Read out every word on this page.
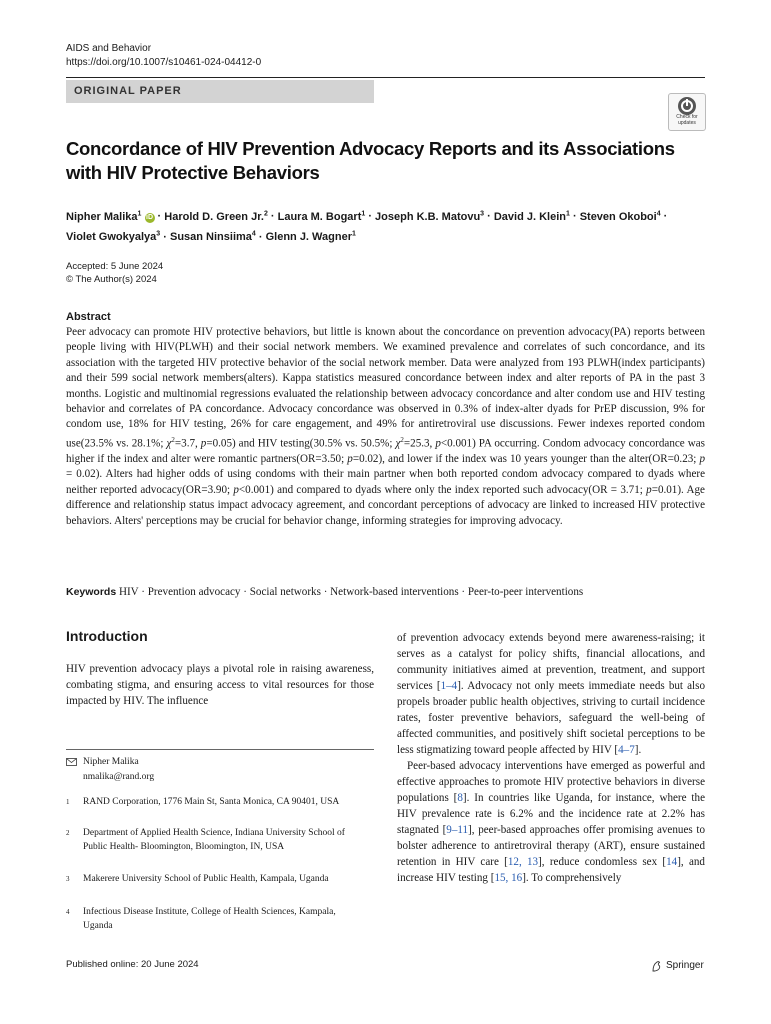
AIDS and Behavior
https://doi.org/10.1007/s10461-024-04412-0
ORIGINAL PAPER
Check for
updates
Concordance of HIV Prevention Advocacy Reports and its Associations with HIV Protective Behaviors
Nipher Malika$^1$ iD · Harold D. Green Jr.$^2$ · Laura M. Bogart$^1$ · Joseph K.B. Matovu$^3$ · David J. Klein$^1$ · Steven Okoboi$^4$ ·
Violet Gwokyalya$^3$ · Susan Ninsiima$^4$ · Glenn J. Wagner$^1$
Accepted: 5 June 2024
© The Author(s) 2024
Abstract
Peer advocacy can promote HIV protective behaviors, but little is known about the concordance on prevention advocacy(PA) reports between people living with HIV(PLWH) and their social network members. We examined prevalence and correlates of such concordance, and its association with the targeted HIV protective behavior of the social network member. Data were analyzed from 193 PLWH(index participants) and their 599 social network members(alters). Kappa statistics measured concordance between index and alter reports of PA in the past 3 months. Logistic and multinomial regressions evaluated the relationship between advocacy concordance and alter condom use and HIV testing behavior and correlates of PA concordance. Advocacy concordance was observed in 0.3% of index-alter dyads for PrEP discussion, 9% for condom use, 18% for HIV testing, 26% for care engagement, and 49% for antiretroviral use discussions. Fewer indexes reported condom use(23.5% vs. 28.1%; $\chi^2=3.7$, p=0.05) and HIV testing(30.5% vs. 50.5%; $\chi^2=25.3$, p<0.001) PA occurring. Condom advocacy concordance was higher if the index and alter were romantic partners(OR=3.50; p=0.02), and lower if the index was 10 years younger than the alter(OR=0.23; p = 0.02). Alters had higher odds of using condoms with their main partner when both reported condom advocacy compared to dyads where neither reported advocacy(OR=3.90; p<0.001) and compared to dyads where only the index reported such advocacy(OR = 3.71; p=0.01). Age difference and relationship status impact advocacy agreement, and concordant perceptions of advocacy are linked to increased HIV protective behaviors. Alters' perceptions may be crucial for behavior change, informing strategies for improving advocacy.
Keywords HIV · Prevention advocacy · Social networks · Network-based interventions · Peer-to-peer interventions
Introduction
HIV prevention advocacy plays a pivotal role in raising awareness, combating stigma, and ensuring access to vital resources for those impacted by HIV. The influence
Nipher Malika
nmalika@rand.org
1 RAND Corporation, 1776 Main St, Santa Monica, CA 90401, USA
2 Department of Applied Health Science, Indiana University School of Public Health- Bloomington, Bloomington, IN, USA
3 Makerere University School of Public Health, Kampala, Uganda
4 Infectious Disease Institute, College of Health Sciences, Kampala, Uganda

of prevention advocacy extends beyond mere awareness-raising; it serves as a catalyst for policy shifts, financial allocations, and community initiatives aimed at prevention, treatment, and support services [1–4]. Advocacy not only meets immediate needs but also propels broader public health objectives, striving to curtail incidence rates, foster preventive behaviors, safeguard the well-being of affected communities, and positively shift societal perceptions to be less stigmatizing toward people affected by HIV [4–7].

Peer-based advocacy interventions have emerged as powerful and effective approaches to promote HIV protective behaviors in diverse populations [8]. In countries like Uganda, for instance, where the HIV prevalence rate is 6.2% and the incidence rate at 2.2% has stagnated [9–11], peer-based approaches offer promising avenues to bolster adherence to antiretroviral therapy (ART), ensure sustained retention in HIV care [12, 13], reduce condomless sex [14], and increase HIV testing [15, 16]. To comprehensively

Published online: 20 June 2024	Springer
